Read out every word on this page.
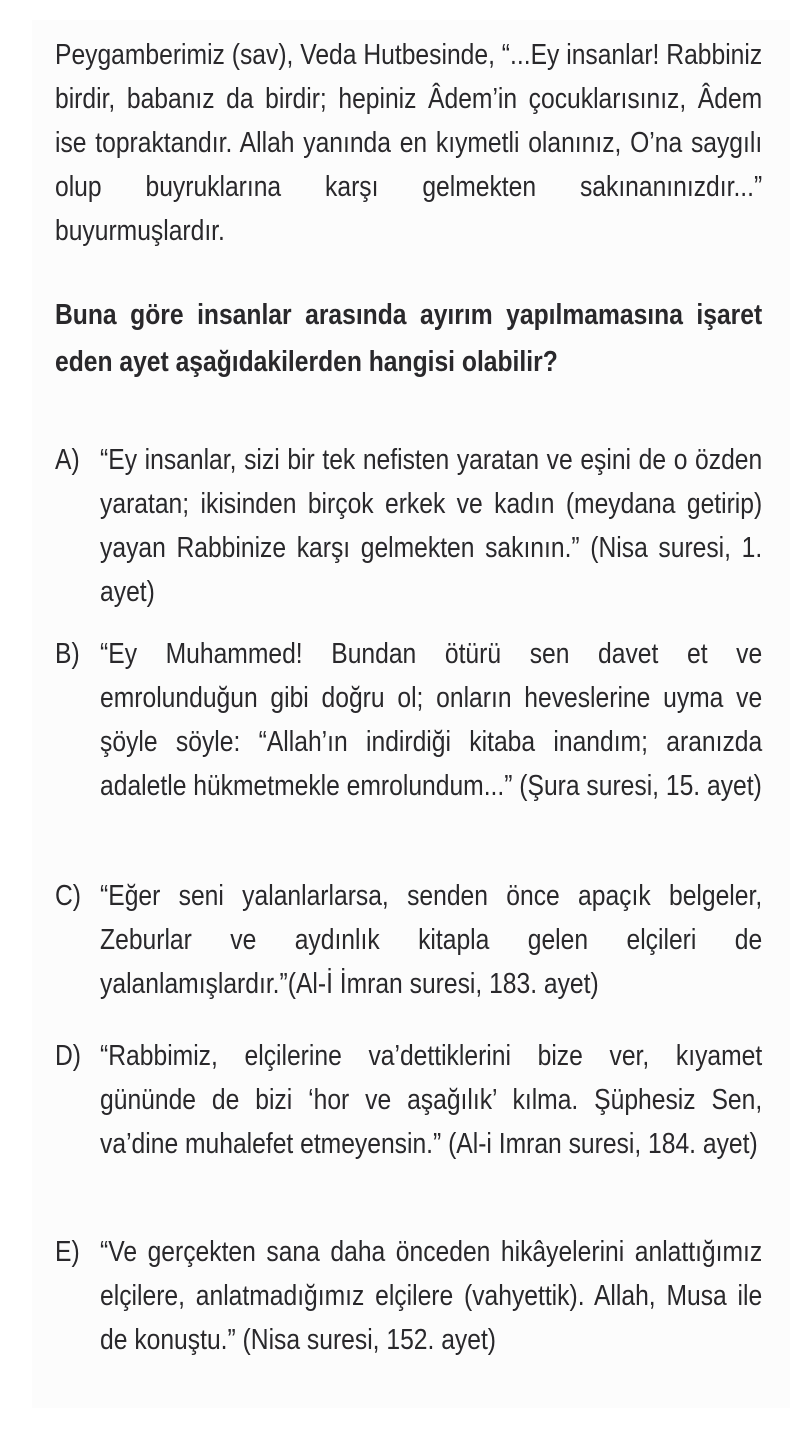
Peygamberimiz (sav), Veda Hutbesinde, “...Ey insanlar! Rabbiniz birdir, babanız da birdir; hepiniz Âdem’in çocuklarısınız, Âdem ise topraktandır. Allah yanında en kıymetli olanınız, O’na saygılı olup buyruklarına karşı gelmekten sakınanınızdır...” buyurmuşlardır.

Buna göre insanlar arasında ayırım yapılmamasına işaret eden ayet aşağıdakilerden hangisi olabilir?

A) “Ey insanlar, sizi bir tek nefisten yaratan ve eşini de o özden yaratan; ikisinden birçok erkek ve kadın (meydana getirip) yayan Rabbinize karşı gelmekten sakının.” (Nisa suresi, 1. ayet)
B) “Ey Muhammed! Bundan ötürü sen davet et ve emrolunduğun gibi doğru ol; onların heveslerine uyma ve şöyle söyle: “Allah’ın indirdiği kitaba inandım; aranızda adaletle hükmetmekle emrolundum...” (Şura suresi, 15. ayet)
C) “Eğer seni yalanlarlarsa, senden önce apaçık belgeler, Zeburlar ve aydınlık kitapla gelen elçileri de yalanlamışlardır.”(Al-İ İmran suresi, 183. ayet)
D) “Rabbimiz, elçilerine va’dettiklerini bize ver, kıyamet gününde de bizi ‘hor ve aşağılık’ kılma. Şüphesiz Sen, va’dine muhalefet etmeyensin.” (Al-i Imran suresi, 184. ayet)
E) “Ve gerçekten sana daha önceden hikâyelerini anlattığımız elçilere, anlatmadığımız elçilere (vahyettik). Allah, Musa ile de konuştu.” (Nisa suresi, 152. ayet)
